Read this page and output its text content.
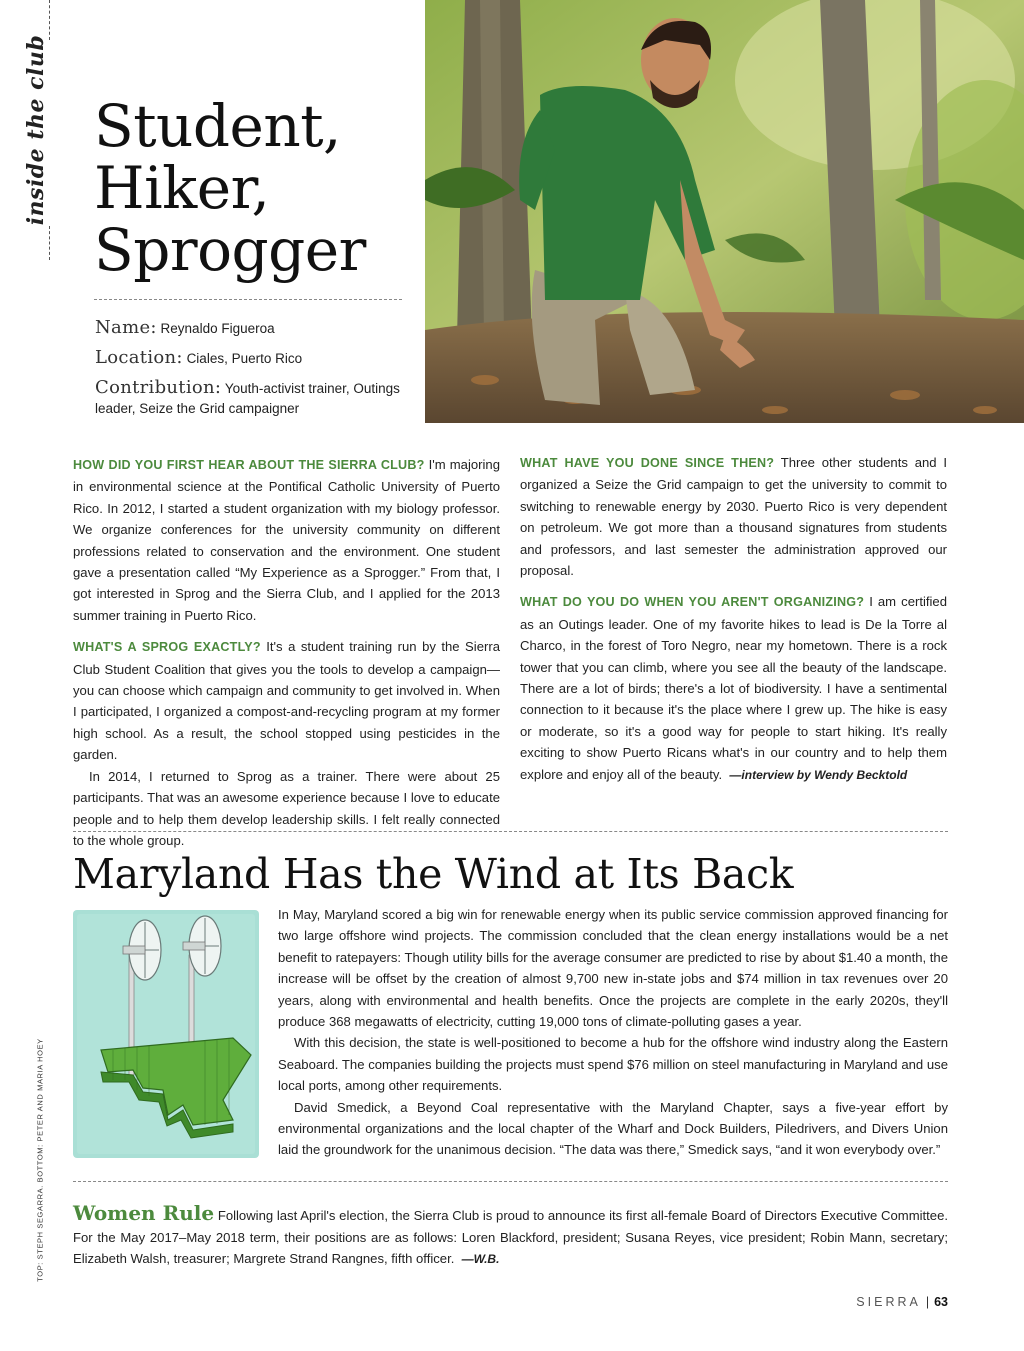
inside the club Student,
Hiker,
Sprogger
Name: Reynaldo Figueroa
Location: Ciales, Puerto Rico
Contribution: Youth-activist trainer, Outings leader, Seize the Grid campaigner

HOW DID YOU FIRST HEAR ABOUT THE SIERRA CLUB? I'm majoring in environmental science at the Pontifical Catholic University of Puerto Rico. In 2012, I started a student organization with my biology professor. We organize conferences for the university community on different professions related to conservation and the environment. One student gave a presentation called “My Experience as a Sprogger.” From that, I got interested in Sprog and the Sierra Club, and I applied for the 2013 summer training in Puerto Rico.

WHAT'S A SPROG EXACTLY? It's a student training run by the Sierra Club Student Coalition that gives you the tools to develop a campaign—you can choose which campaign and community to get involved in. When I participated, I organized a compost-and-recycling program at my former high school. As a result, the school stopped using pesticides in the garden.

In 2014, I returned to Sprog as a trainer. There were about 25 participants. That was an awesome experience because I love to educate people and to help them develop leadership skills. I felt really connected to the whole group.

WHAT HAVE YOU DONE SINCE THEN? Three other students and I organized a Seize the Grid campaign to get the university to commit to switching to renewable energy by 2030. Puerto Rico is very dependent on petroleum. We got more than a thousand signatures from students and professors, and last semester the administration approved our proposal.

WHAT DO YOU DO WHEN YOU AREN'T ORGANIZING? I am certified as an Outings leader. One of my favorite hikes to lead is De la Torre al Charco, in the forest of Toro Negro, near my hometown. There is a rock tower that you can climb, where you see all the beauty of the landscape. There are a lot of birds; there's a lot of biodiversity. I have a sentimental connection to it because it's the place where I grew up. The hike is easy or moderate, so it's a good way for people to start hiking. It's really exciting to show Puerto Ricans what's in our country and to help them explore and enjoy all of the beauty. —interview by Wendy Becktold

Maryland Has the Wind at Its Back

In May, Maryland scored a big win for renewable energy when its public service commission approved financing for two large offshore wind projects. The commission concluded that the clean energy installations would be a net benefit to ratepayers: Though utility bills for the average consumer are predicted to rise by about $1.40 a month, the increase will be offset by the creation of almost 9,700 new in-state jobs and $74 million in tax revenues over 20 years, along with environmental and health benefits. Once the projects are complete in the early 2020s, they'll produce 368 megawatts of electricity, cutting 19,000 tons of climate-polluting gases a year.

With this decision, the state is well-positioned to become a hub for the offshore wind industry along the Eastern Seaboard. The companies building the projects must spend $76 million on steel manufacturing in Maryland and use local ports, among other requirements.

David Smedick, a Beyond Coal representative with the Maryland Chapter, says a five-year effort by environmental organizations and the local chapter of the Wharf and Dock Builders, Piledrivers, and Divers Union laid the groundwork for the unanimous decision. “The data was there,” Smedick says, “and it won everybody over.”

Women Rule Following last April's election, the Sierra Club is proud to announce its first all-female Board of Directors Executive Committee. For the May 2017–May 2018 term, their positions are as follows: Loren Blackford, president; Susana Reyes, vice president; Robin Mann, secretary; Elizabeth Walsh, treasurer; Margrete Strand Rangnes, fifth officer. —W.B.
TOP: STEPH SEGARRA. BOTTOM: PETER AND MARIA HOEY
SIERRA | 63
